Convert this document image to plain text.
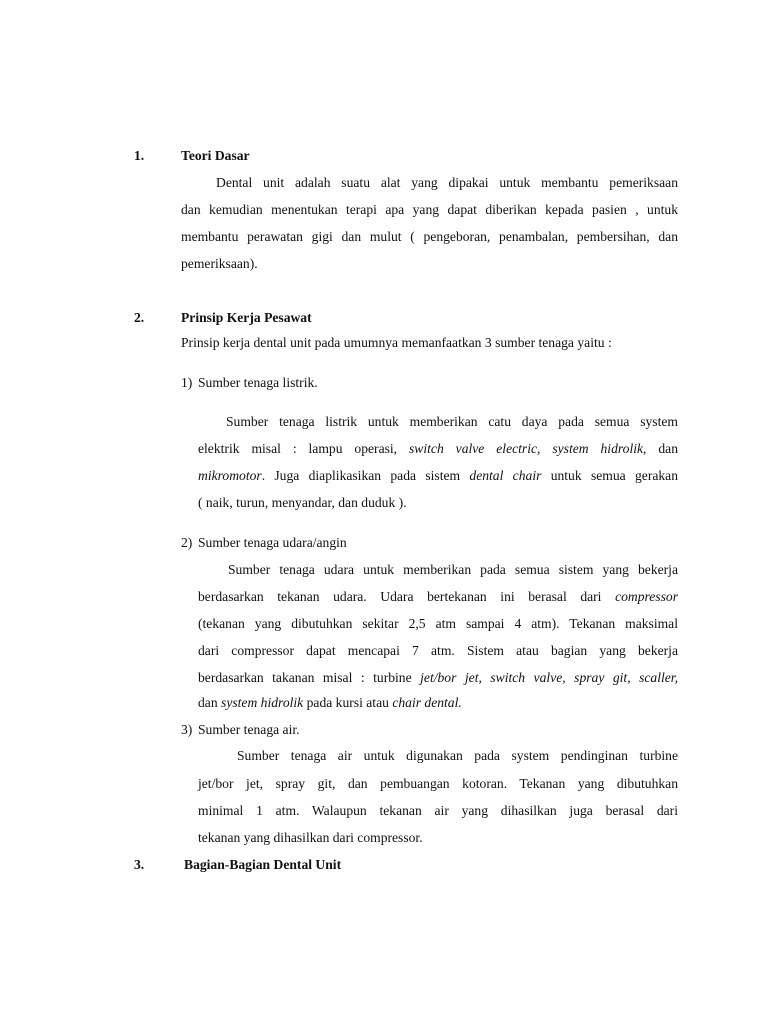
1.	Teori Dasar
Dental unit adalah suatu alat yang dipakai untuk membantu pemeriksaan
dan kemudian menentukan terapi apa yang dapat diberikan kepada pasien , untuk
membantu perawatan gigi dan mulut ( pengeboran, penambalan, pembersihan, dan
pemeriksaan).
2.	Prinsip Kerja Pesawat
Prinsip kerja dental unit pada umumnya memanfaatkan 3 sumber tenaga yaitu :
1) Sumber tenaga listrik.
Sumber tenaga listrik untuk memberikan catu daya pada semua system
elektrik misal : lampu operasi, switch valve electric, system hidrolik, dan
mikromotor. Juga diaplikasikan pada sistem dental chair untuk semua gerakan
( naik, turun, menyandar, dan duduk ).
2) Sumber tenaga udara/angin
Sumber tenaga udara untuk memberikan pada semua sistem yang bekerja
berdasarkan tekanan udara. Udara bertekanan ini berasal dari compressor
(tekanan yang dibutuhkan sekitar 2,5 atm sampai 4 atm). Tekanan maksimal
dari compressor dapat mencapai 7 atm. Sistem atau bagian yang bekerja
berdasarkan takanan misal : turbine jet/bor jet, switch valve, spray git, scaller,
dan system hidrolik pada kursi atau chair dental.
3) Sumber tenaga air.
Sumber tenaga air untuk digunakan pada system pendinginan turbine
jet/bor jet, spray git, dan pembuangan kotoran. Tekanan yang dibutuhkan
minimal 1 atm. Walaupun tekanan air yang dihasilkan juga berasal dari
tekanan yang dihasilkan dari compressor.
3.	Bagian-Bagian Dental Unit
